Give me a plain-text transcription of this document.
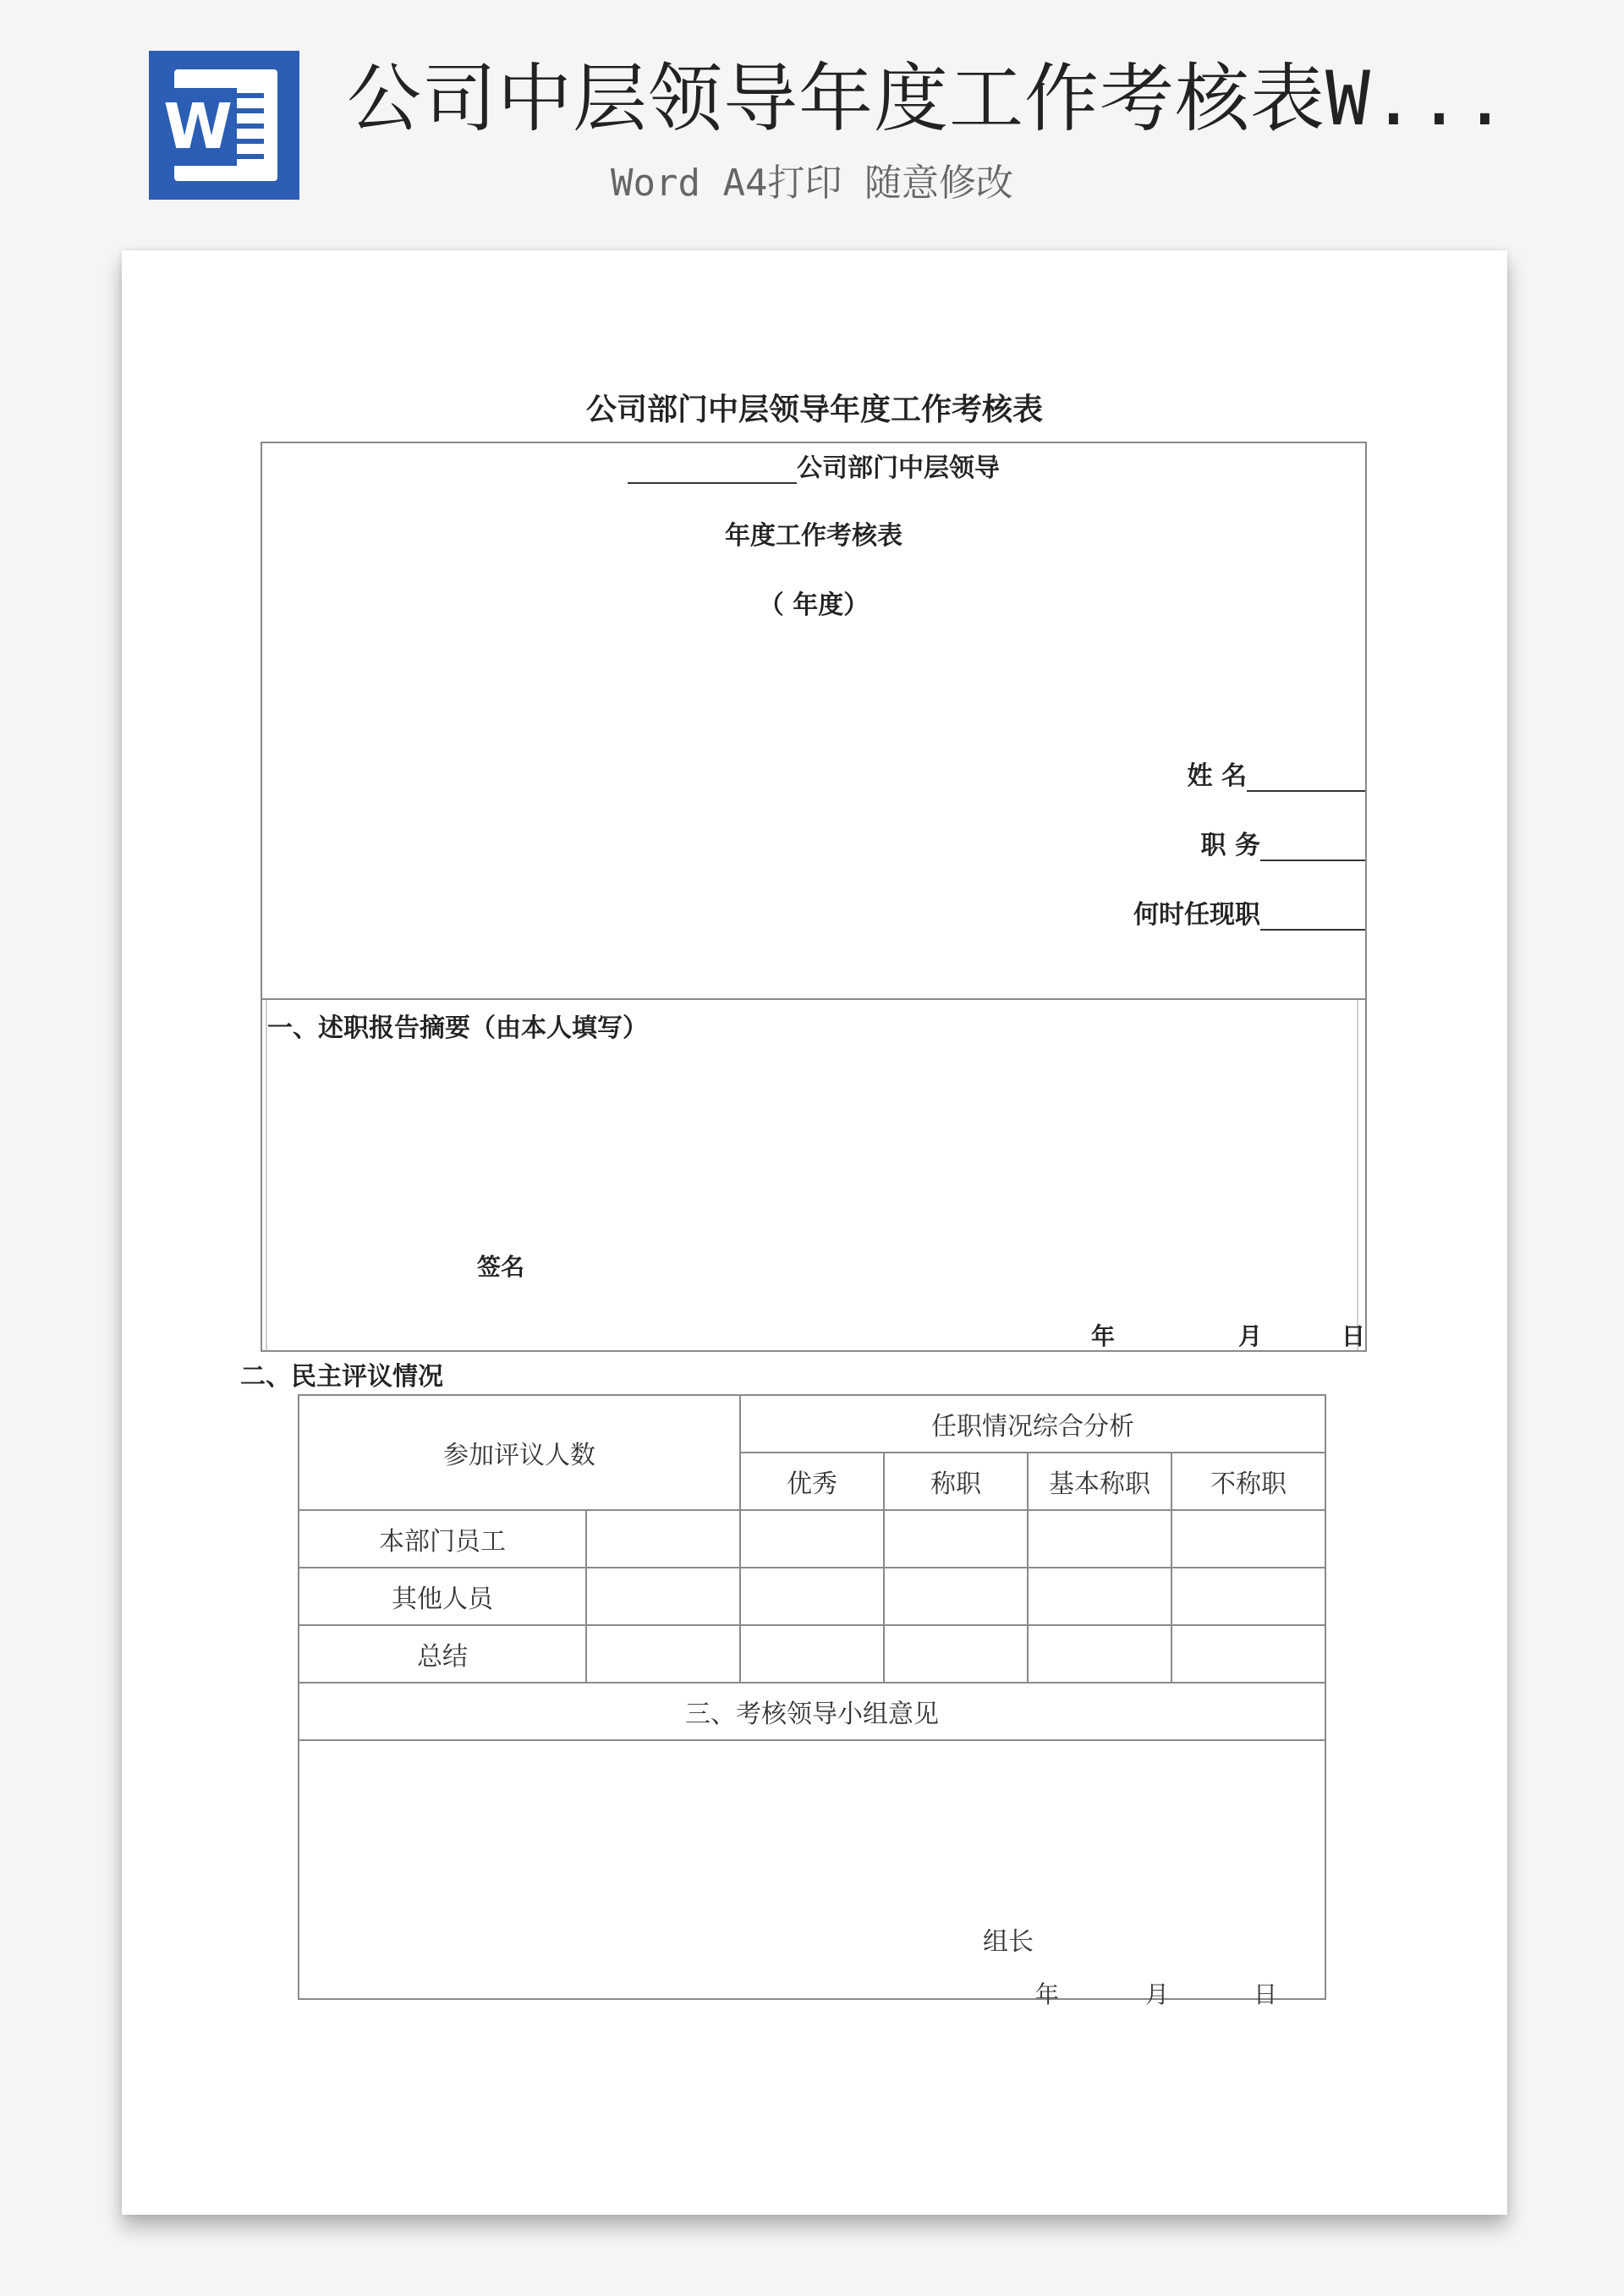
W 公司中层领导年度工作考核表W...
Word A4打印 随意修改
公司部门中层领导年度工作考核表
公司部门中层领导
年度工作考核表
（ 年度）
姓 名
职 务
何时任现职
一、述职报告摘要（由本人填写）
签名
年	月	日
二、民主评议情况
参加评议人数		任职情况综合分析			
		优秀	称职	基本称职	不称职
本部门员工					
其他人员					
总结					
三、考核领导小组意见					

组长
年 月 日					
